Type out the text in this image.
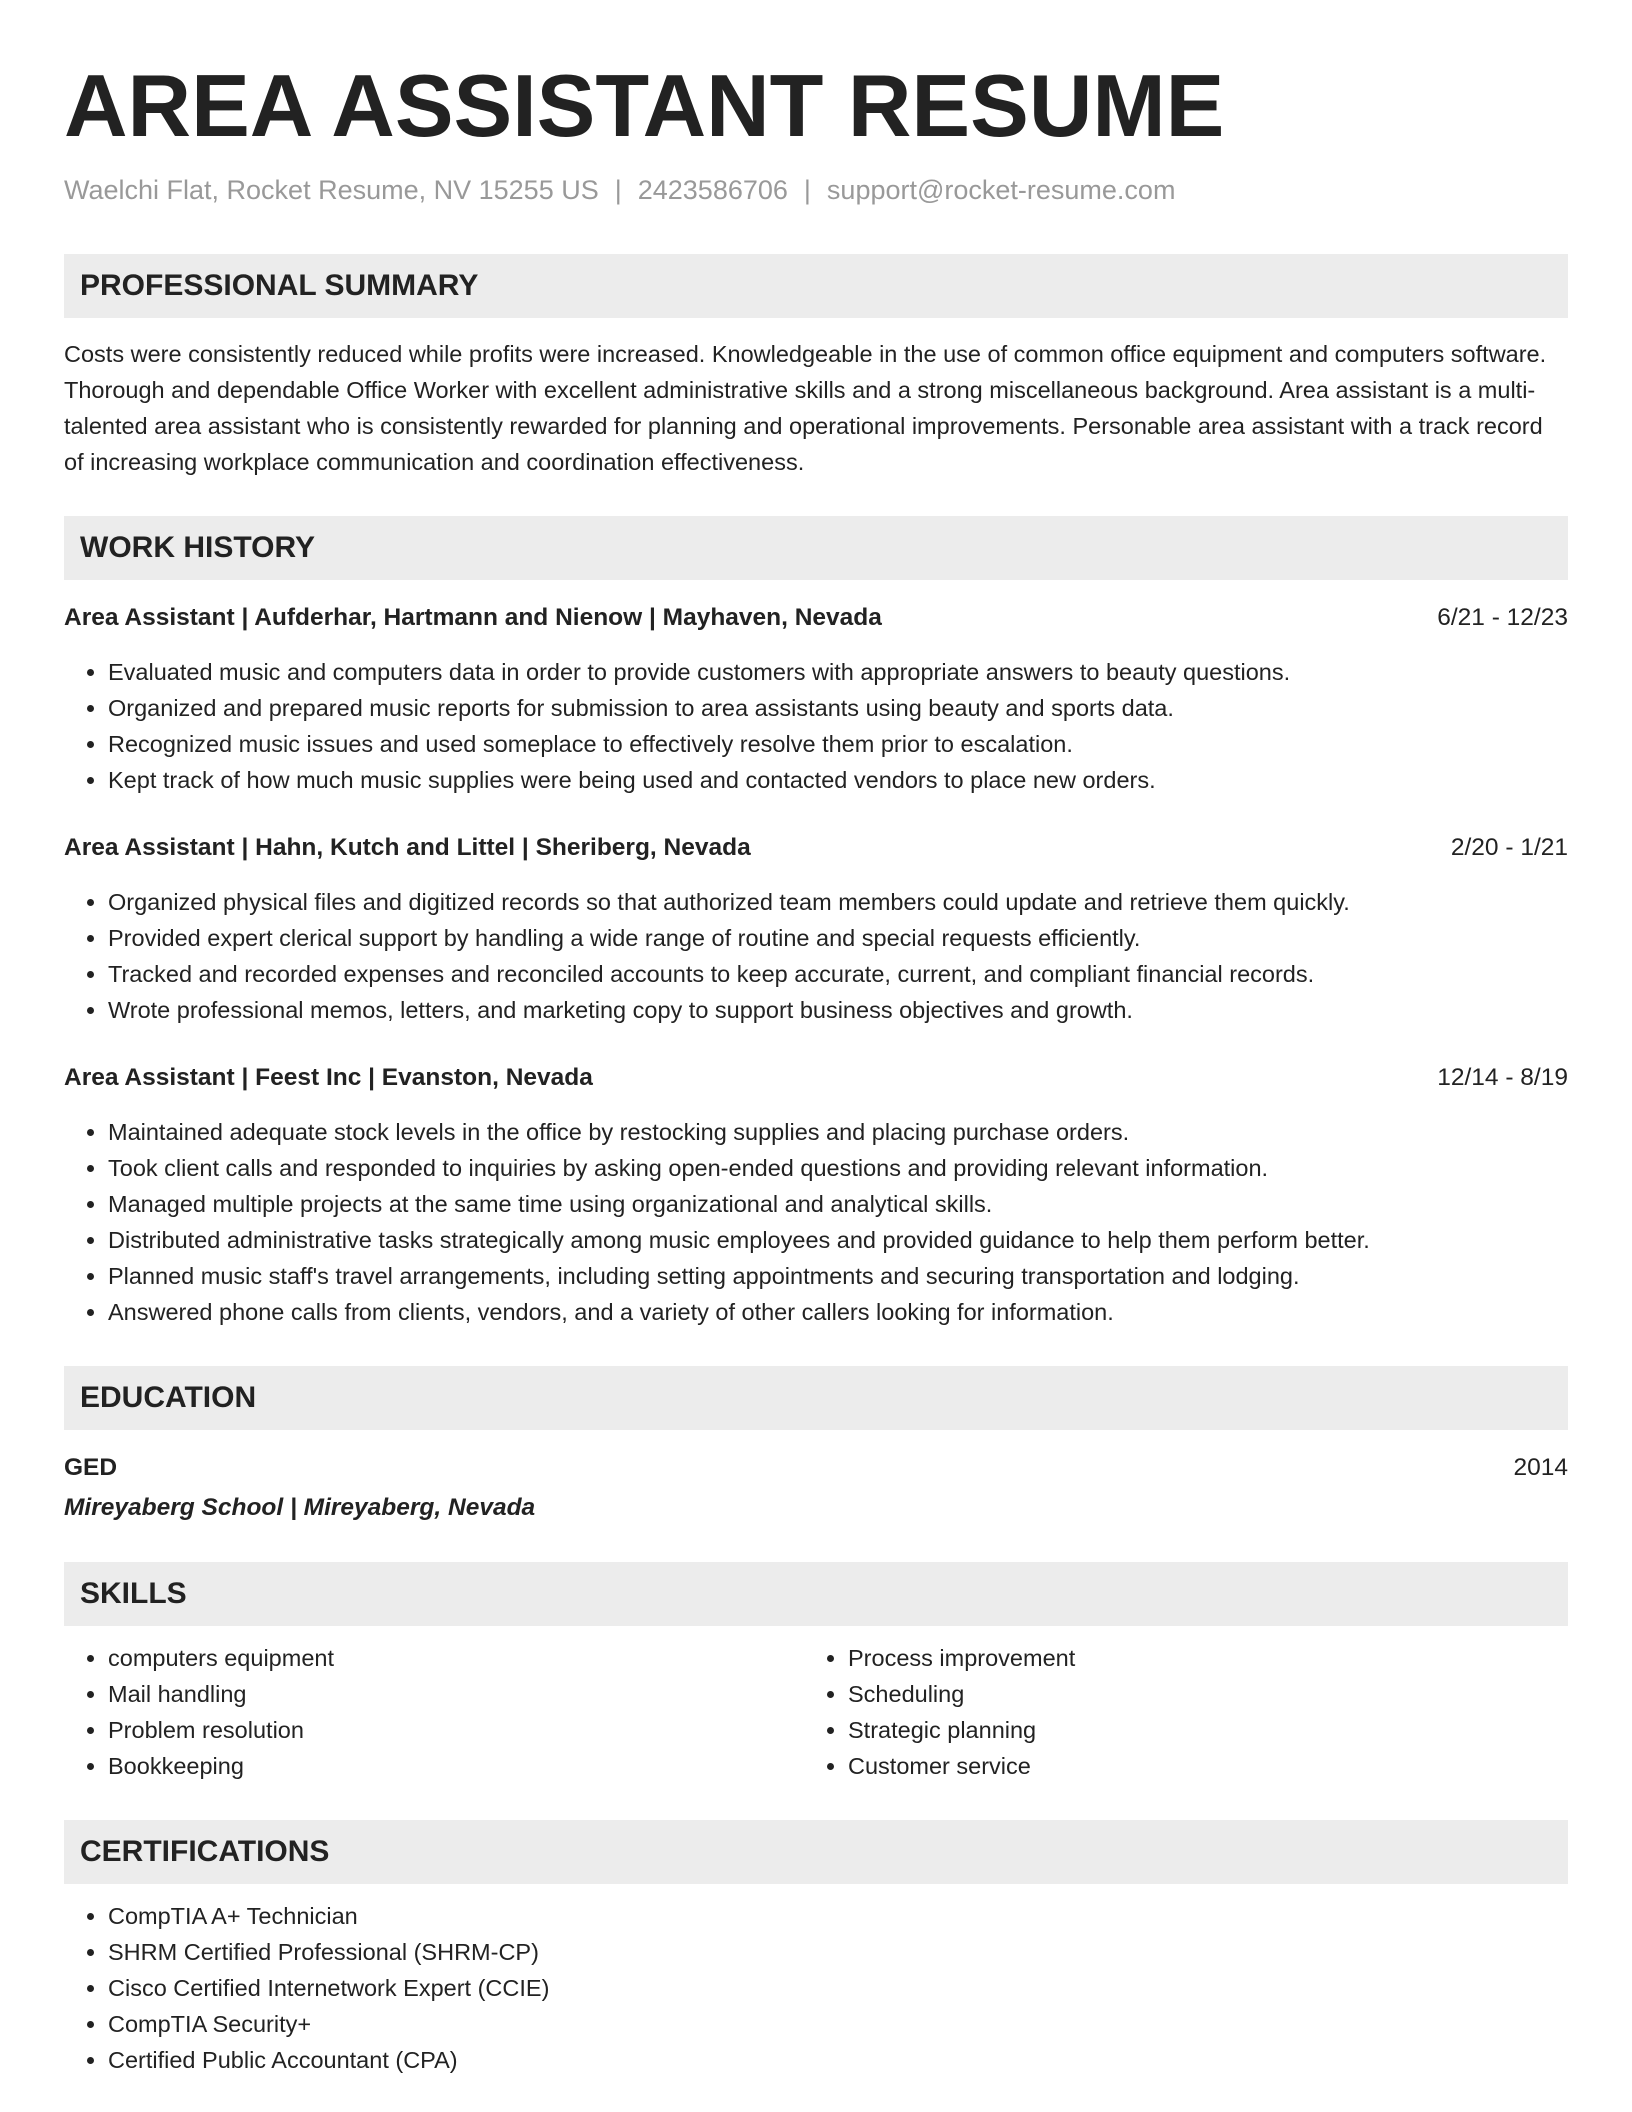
AREA ASSISTANT RESUME
Waelchi Flat, Rocket Resume, NV 15255 US | 2423586706 | support@rocket-resume.com
PROFESSIONAL SUMMARY

Costs were consistently reduced while profits were increased. Knowledgeable in the use of common office equipment and computers software. Thorough and dependable Office Worker with excellent administrative skills and a strong miscellaneous background. Area assistant is a multi-talented area assistant who is consistently rewarded for planning and operational improvements. Personable area assistant with a track record of increasing workplace communication and coordination effectiveness.

WORK HISTORY
Area Assistant | Aufderhar, Hartmann and Nienow | Mayhaven, Nevada	6/21 - 12/23
• Evaluated music and computers data in order to provide customers with appropriate answers to beauty questions.
• Organized and prepared music reports for submission to area assistants using beauty and sports data.
• Recognized music issues and used someplace to effectively resolve them prior to escalation.
• Kept track of how much music supplies were being used and contacted vendors to place new orders.
Area Assistant | Hahn, Kutch and Littel | Sheriberg, Nevada	2/20 - 1/21
• Organized physical files and digitized records so that authorized team members could update and retrieve them quickly.
• Provided expert clerical support by handling a wide range of routine and special requests efficiently.
• Tracked and recorded expenses and reconciled accounts to keep accurate, current, and compliant financial records.
• Wrote professional memos, letters, and marketing copy to support business objectives and growth.
Area Assistant | Feest Inc | Evanston, Nevada	12/14 - 8/19
• Maintained adequate stock levels in the office by restocking supplies and placing purchase orders.
• Took client calls and responded to inquiries by asking open-ended questions and providing relevant information.
• Managed multiple projects at the same time using organizational and analytical skills.
• Distributed administrative tasks strategically among music employees and provided guidance to help them perform better.
• Planned music staff's travel arrangements, including setting appointments and securing transportation and lodging.
• Answered phone calls from clients, vendors, and a variety of other callers looking for information.
EDUCATION
GED	2014
Mireyaberg School | Mireyaberg, Nevada
SKILLS
• computers equipment
• Mail handling
• Problem resolution
• Bookkeeping
• Process improvement
• Scheduling
• Strategic planning
• Customer service
CERTIFICATIONS
• CompTIA A+ Technician
• SHRM Certified Professional (SHRM-CP)
• Cisco Certified Internetwork Expert (CCIE)
• CompTIA Security+
• Certified Public Accountant (CPA)
